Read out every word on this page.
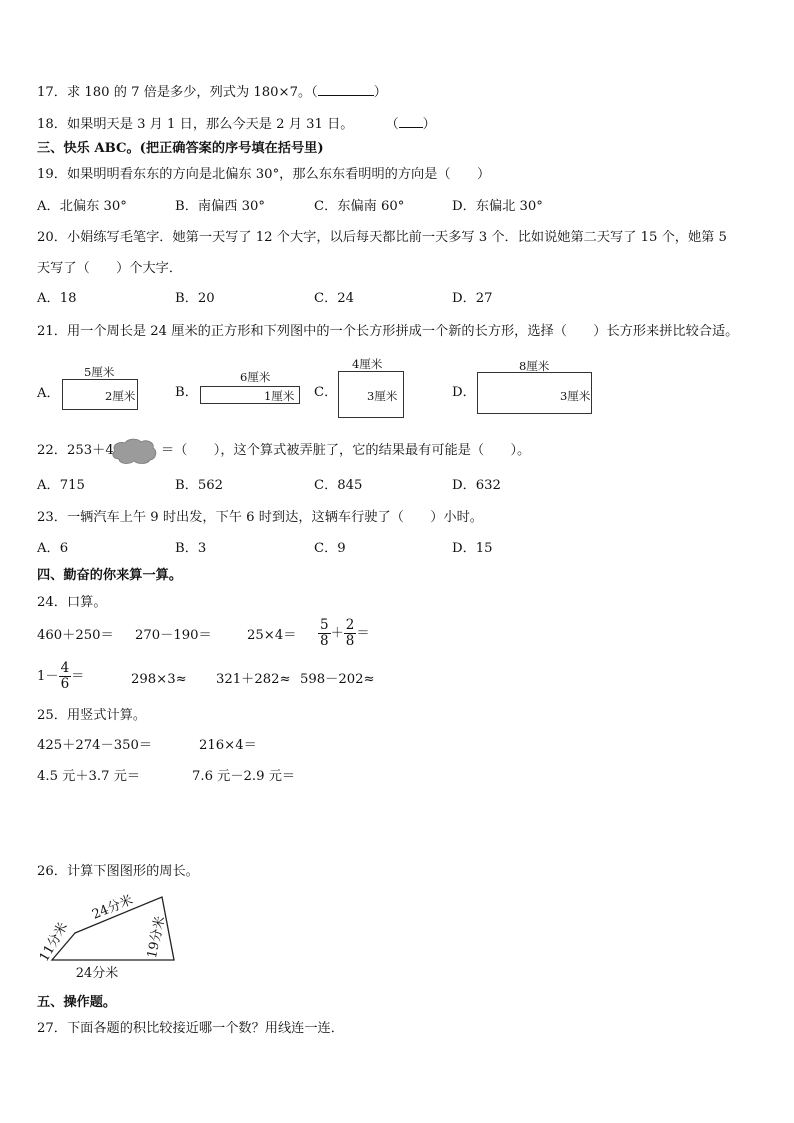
17．求 180 的 7 倍是多少，列式为 180×7。（	）
18．如果明天是 3 月 1 日，那么今天是 2 月 31 日。 （ ）
三、快乐 ABC。(把正确答案的序号填在括号里)
19．如果明明看东东的方向是北偏东 30°，那么东东看明明的方向是（　　）
A．北偏东 30°	B．南偏西 30°	C．东偏南 60°	D．东偏北 30°
20．小娟练写毛笔字．她第一天写了 12 个大字，以后每天都比前一天多写 3 个．比如说她第二天写了 15 个，她第 5
天写了（　　）个大字．
A．18	B．20	C．24	D．27
21．用一个周长是 24 厘米的正方形和下列图中的一个长方形拼成一个新的长方形，选择（　　）长方形来拼比较合适。
A．
5厘米
2厘米	B．
6厘米
1厘米 C．
4厘米
3厘米	D．
8厘米
3厘米
22．253＋4	＝（　　），这个算式被弄脏了，它的结果最有可能是（　　）。
A．715	B．562	C．845	D．632
23．一辆汽车上午 9 时出发，下午 6 时到达，这辆车行驶了（　　）小时。
A．6	B．3	C．9	D．15
四、勤奋的你来算一算。
24．口算。
460＋250＝ 270－190＝	$25\times 4= \frac{5}{8} + \frac{2}{8}$ ＝
$1- \frac{4}{6}$ ＝	298×3≈ 321＋282≈ 598－202≈
25．用竖式计算。
425＋274－350＝	216×4＝
4.5 元＋3.7 元＝	7.6 元－2.9 元＝
26．计算下图图形的周长。
24分米
11分米	19分米
24分米
五、操作题。
27．下面各题的积比较接近哪一个数？用线连一连．
